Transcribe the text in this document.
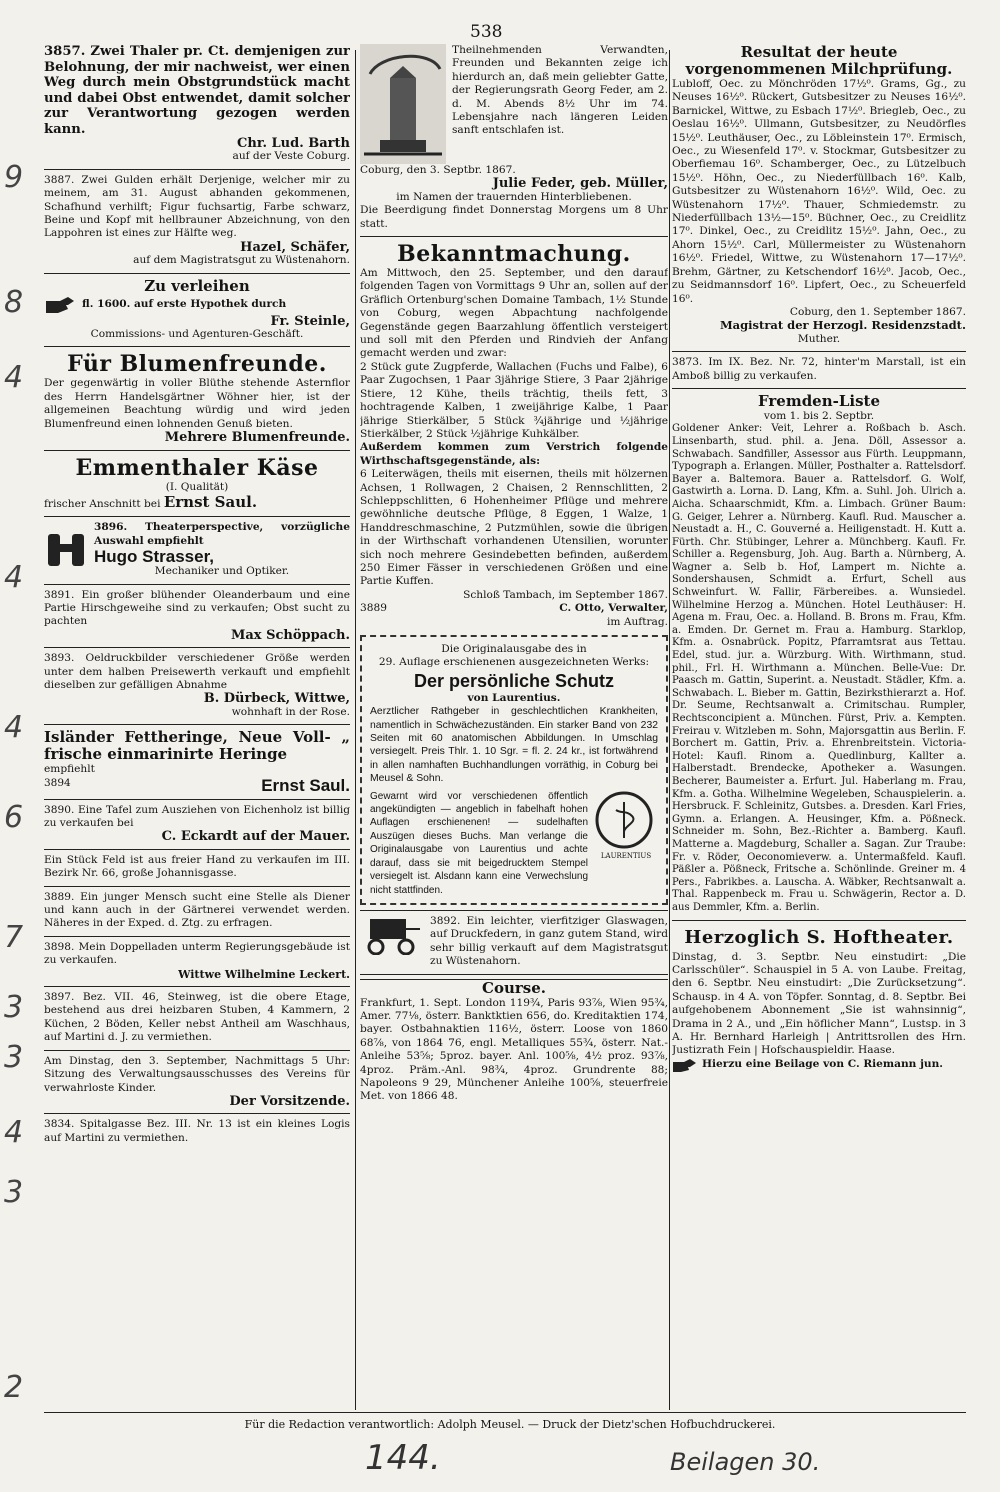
538
9
8
4
4
4
6
7
3
3
4
3
2

3857. Zwei Thaler pr. Ct. demjenigen zur Belohnung, der mir nachweist, wer einen Weg durch mein Obstgrundstück macht und dabei Obst entwendet, damit solcher zur Verantwortung gezogen werden kann.

Chr. Lud. Barth

auf der Veste Coburg.

3887. Zwei Gulden erhält Derjenige, welcher mir zu meinem, am 31. August abhanden gekommenen, Schafhund verhilft; Figur fuchsartig, Farbe schwarz, Beine und Kopf mit hellbrauner Abzeichnung, von den Lappohren ist eines zur Hälfte weg.

Hazel, Schäfer,

auf dem Magistratsgut zu Wüstenahorn.

Zu verleihen

fl. 1600. auf erste Hypothek durch

Fr. Steinle,

Commissions- und Agenturen-Geschäft.

Für Blumenfreunde.

Der gegenwärtig in voller Blüthe stehende Asternflor des Herrn Handelsgärtner Wöhner hier, ist der allgemeinen Beachtung würdig und wird jeden Blumenfreund einen lohnenden Genuß bieten.

Mehrere Blumenfreunde.

Emmenthaler Käse

(I. Qualität)

frischer Anschnitt bei Ernst Saul.

3896. Theaterperspective, vorzügliche Auswahl empfiehlt

Hugo Strasser,

Mechaniker und Optiker.

3891. Ein großer blühender Oleanderbaum und eine Partie Hirschgeweihe sind zu verkaufen; Obst sucht zu pachten

Max Schöppach.

3893. Oeldruckbilder verschiedener Größe werden unter dem halben Preisewerth verkauft und empfiehlt dieselben zur gefälligen Abnahme

B. Dürbeck, Wittwe,

wohnhaft in der Rose.

Isländer Fettheringe, Neue Voll- „ frische einmarinirte Heringe

empfiehlt

3894	Ernst Saul.

3890. Eine Tafel zum Ausziehen von Eichenholz ist billig zu verkaufen bei

C. Eckardt auf der Mauer.

Ein Stück Feld ist aus freier Hand zu verkaufen im III. Bezirk Nr. 66, große Johannisgasse.

3889. Ein junger Mensch sucht eine Stelle als Diener und kann auch in der Gärtnerei verwendet werden. Näheres in der Exped. d. Ztg. zu erfragen.

3898. Mein Doppelladen unterm Regierungsgebäude ist zu verkaufen.

Wittwe Wilhelmine Leckert.

3897. Bez. VII. 46, Steinweg, ist die obere Etage, bestehend aus drei heizbaren Stuben, 4 Kammern, 2 Küchen, 2 Böden, Keller nebst Antheil am Waschhaus, auf Martini d. J. zu vermiethen.

Am Dinstag, den 3. September, Nachmittags 5 Uhr: Sitzung des Verwaltungsausschusses des Vereins für verwahrloste Kinder.

Der Vorsitzende.

3834. Spitalgasse Bez. III. Nr. 13 ist ein kleines Logis auf Martini zu vermiethen.

Theilnehmenden Verwandten, Freunden und Bekannten zeige ich hierdurch an, daß mein geliebter Gatte, der Regierungsrath Georg Feder, am 2. d. M. Abends 8½ Uhr im 74. Lebensjahre nach längeren Leiden sanft entschlafen ist.

Coburg, den 3. Septbr. 1867.

Julie Feder, geb. Müller,

im Namen der trauernden Hinterbliebenen.

Die Beerdigung findet Donnerstag Morgens um 8 Uhr statt.

Bekanntmachung.

Am Mittwoch, den 25. September, und den darauf folgenden Tagen von Vormittags 9 Uhr an, sollen auf der Gräflich Ortenburg'schen Domaine Tambach, 1½ Stunde von Coburg, wegen Abpachtung nachfolgende Gegenstände gegen Baarzahlung öffentlich versteigert und soll mit den Pferden und Rindvieh der Anfang gemacht werden und zwar:

2 Stück gute Zugpferde, Wallachen (Fuchs und Falbe), 6 Paar Zugochsen, 1 Paar 3jährige Stiere, 3 Paar 2jährige Stiere, 12 Kühe, theils trächtig, theils fett, 3 hochtragende Kalben, 1 zweijährige Kalbe, 1 Paar jährige Stierkälber, 5 Stück ¾jährige und ½jährige Stierkälber, 2 Stück ½jährige Kuhkälber.

Außerdem kommen zum Verstrich folgende Wirthschaftsgegenstände, als:

6 Leiterwägen, theils mit eisernen, theils mit hölzernen Achsen, 1 Rollwagen, 2 Chaisen, 2 Rennschlitten, 2 Schleppschlitten, 6 Hohenheimer Pflüge und mehrere gewöhnliche deutsche Pflüge, 8 Eggen, 1 Walze, 1 Handdreschmaschine, 2 Putzmühlen, sowie die übrigen in der Wirthschaft vorhandenen Utensilien, worunter sich noch mehrere Gesindebetten befinden, außerdem 250 Eimer Fässer in verschiedenen Größen und eine Partie Kuffen.

Schloß Tambach, im September 1867.

3889	C. Otto, Verwalter,

im Auftrag.

Die Originalausgabe des in

29. Auflage erschienenen ausgezeichneten Werks:

Der persönliche Schutz

von Laurentius.

Aerztlicher Rathgeber in geschlechtlichen Krankheiten, namentlich in Schwächezuständen. Ein starker Band von 232 Seiten mit 60 anatomischen Abbildungen. In Umschlag versiegelt. Preis Thlr. 1. 10 Sgr. = fl. 2. 24 kr., ist fortwährend in allen namhaften Buchhandlungen vorräthig, in Coburg bei Meusel & Sohn.

Gewarnt wird vor verschiedenen öffentlich angekündigten — angeblich in fabelhaft hohen Auflagen erschienenen! — sudelhaften Auszügen dieses Buchs. Man verlange die Originalausgabe von Laurentius und achte darauf, dass sie mit beigedrucktem Stempel versiegelt ist. Alsdann kann eine Verwechslung nicht stattfinden.

LAURENTIUS

3892. Ein leichter, vierfitziger Glaswagen, auf Druckfedern, in ganz gutem Stand, wird sehr billig verkauft auf dem Magistratsgut zu Wüstenahorn.

Course.

Frankfurt, 1. Sept. London 119¾, Paris 93⅞, Wien 95¾, Amer. 77⅛, österr. Banktktien 656, do. Kreditaktien 174, bayer. Ostbahnaktien 116½, österr. Loose von 1860 68⅞, von 1864 76, engl. Metalliques 55¾, österr. Nat.-Anleihe 53⅝; 5proz. bayer. Anl. 100⅝, 4½ proz. 93⅞, 4proz. Präm.-Anl. 98¾, 4proz. Grundrente 88; Napoleons 9 29, Münchener Anleihe 100⅝, steuerfreie Met. von 1866 48.

Resultat der heute vorgenommenen Milchprüfung.

Lubloff, Oec. zu Mönchröden 17½⁰. Grams, Gg., zu Neuses 16½⁰. Rückert, Gutsbesitzer zu Neuses 16½⁰. Barnickel, Wittwe, zu Esbach 17½⁰. Briegleb, Oec., zu Oeslau 16½⁰. Ullmann, Gutsbesitzer, zu Neudörfles 15½⁰. Leuthäuser, Oec., zu Löbleinstein 17⁰. Ermisch, Oec., zu Wiesenfeld 17⁰. v. Stockmar, Gutsbesitzer zu Oberfiemau 16⁰. Schamberger, Oec., zu Lützelbuch 15½⁰. Höhn, Oec., zu Niederfüllbach 16⁰. Kalb, Gutsbesitzer zu Wüstenahorn 16½⁰. Wild, Oec. zu Wüstenahorn 17½⁰. Thauer, Schmiedemstr. zu Niederfüllbach 13½—15⁰. Büchner, Oec., zu Creidlitz 17⁰. Dinkel, Oec., zu Creidlitz 15½⁰. Jahn, Oec., zu Ahorn 15½⁰. Carl, Müllermeister zu Wüstenahorn 16½⁰. Friedel, Wittwe, zu Wüstenahorn 17—17½⁰. Brehm, Gärtner, zu Ketschendorf 16½⁰. Jacob, Oec., zu Seidmannsdorf 16⁰. Lipfert, Oec., zu Scheuerfeld 16⁰.

Coburg, den 1. September 1867.

Magistrat der Herzogl. Residenzstadt.

Muther.

3873. Im IX. Bez. Nr. 72, hinter'm Marstall, ist ein Amboß billig zu verkaufen.

Fremden-Liste

vom 1. bis 2. Septbr.

Goldener Anker: Veit, Lehrer a. Roßbach b. Asch. Linsenbarth, stud. phil. a. Jena. Döll, Assessor a. Schwabach. Sandfiller, Assessor aus Fürth. Leuppmann, Typograph a. Erlangen. Müller, Posthalter a. Rattelsdorf. Bayer a. Baltemora. Bauer a. Rattelsdorf. G. Wolf, Gastwirth a. Lorna. D. Lang, Kfm. a. Suhl. Joh. Ulrich a. Aicha. Schaarschmidt, Kfm. a. Limbach. Grüner Baum: G. Geiger, Lehrer a. Nürnberg. Kaufl. Rud. Mauscher a. Neustadt a. H., C. Gouverné a. Heiligenstadt. H. Kutt a. Fürth. Chr. Stübinger, Lehrer a. Münchberg. Kaufl. Fr. Schiller a. Regensburg, Joh. Aug. Barth a. Nürnberg, A. Wagner a. Selb b. Hof, Lampert m. Nichte a. Sondershausen, Schmidt a. Erfurt, Schell aus Schweinfurt. W. Fallir, Färbereibes. a. Wunsiedel. Wilhelmine Herzog a. München. Hotel Leuthäuser: H. Agena m. Frau, Oec. a. Holland. B. Brons m. Frau, Kfm. a. Emden. Dr. Gernet m. Frau a. Hamburg. Starklop, Kfm. a. Osnabrück. Popitz, Pfarramtsrat aus Tettau. Edel, stud. jur. a. Würzburg. With. Wirthmann, stud. phil., Frl. H. Wirthmann a. München. Belle-Vue: Dr. Paasch m. Gattin, Superint. a. Neustadt. Städler, Kfm. a. Schwabach. L. Bieber m. Gattin, Bezirksthierarzt a. Hof. Dr. Seume, Rechtsanwalt a. Crimitschau. Rumpler, Rechtsconcipient a. München. Fürst, Priv. a. Kempten. Freirau v. Witzleben m. Sohn, Majorsgattin aus Berlin. F. Borchert m. Gattin, Priv. a. Ehrenbreitstein. Victoria-Hotel: Kaufl. Rinom a. Quedlinburg, Kallter a. Halberstadt. Brendecke, Apotheker a. Wasungen. Becherer, Baumeister a. Erfurt. Jul. Haberlang m. Frau, Kfm. a. Gotha. Wilhelmine Wegeleben, Schauspielerin. a. Hersbruck. F. Schleinitz, Gutsbes. a. Dresden. Karl Fries, Gymn. a. Erlangen. A. Heusinger, Kfm. a. Pößneck. Schneider m. Sohn, Bez.-Richter a. Bamberg. Kaufl. Matterne a. Magdeburg, Schaller a. Sagan. Zur Traube: Fr. v. Röder, Oeconomieverw. a. Untermaßfeld. Kaufl. Päßler a. Pößneck, Fritsche a. Schönlinde. Greiner m. 4 Pers., Fabrikbes. a. Lauscha. A. Wäbker, Rechtsanwalt a. Thal. Rappenbeck m. Frau u. Schwägerin, Rector a. D. aus Demmler, Kfm. a. Berlin.

Herzoglich S. Hoftheater.

Dinstag, d. 3. Septbr. Neu einstudirt: „Die Carlsschüler“. Schauspiel in 5 A. von Laube. Freitag, den 6. Septbr. Neu einstudirt: „Die Zurücksetzung“. Schausp. in 4 A. von Töpfer. Sonntag, d. 8. Septbr. Bei aufgehobenem Abonnement „Sie ist wahnsinnig“, Drama in 2 A., und „Ein höflicher Mann“, Lustsp. in 3 A. Hr. Bernhard Harleigh | Antrittsrollen des Hrn. Justizrath Fein | Hofschauspieldir. Haase.

Hierzu eine Beilage von C. Riemann jun.

Für die Redaction verantwortlich: Adolph Meusel. — Druck der Dietz'schen Hofbuchdruckerei.
144.	Beilagen 30.
